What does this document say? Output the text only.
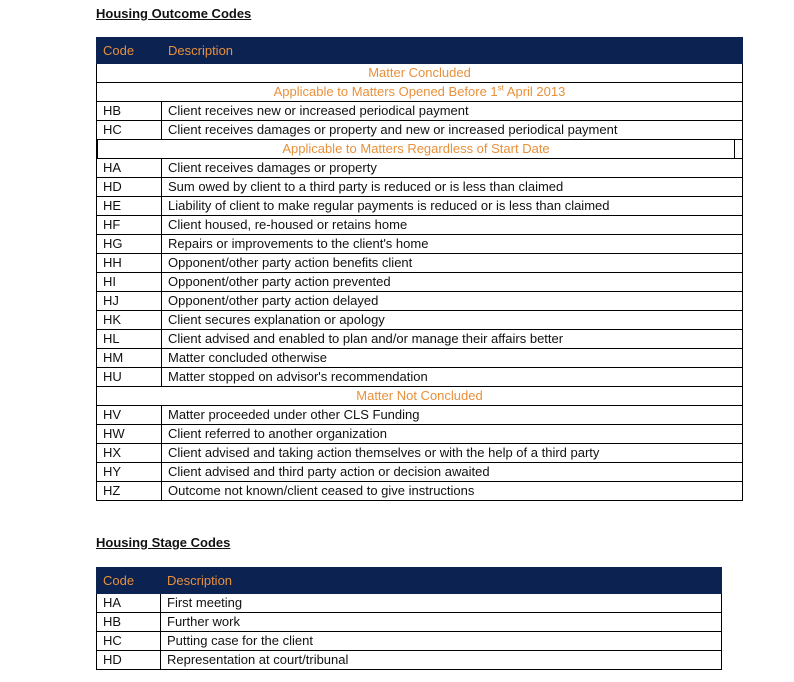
Housing Outcome Codes
Code	Description
Matter Concluded	
Applicable to Matters Opened Before 1st April 2013	
HB	Client receives new or increased periodical payment
HC	Client receives damages or property and new or increased periodical payment

Applicable to Matters Regardless of Start Date	

HA	Client receives damages or property
HD	Sum owed by client to a third party is reduced or is less than claimed
HE	Liability of client to make regular payments is reduced or is less than claimed
HF	Client housed, re-housed or retains home
HG	Repairs or improvements to the client's home
HH	Opponent/other party action benefits client
HI	Opponent/other party action prevented
HJ	Opponent/other party action delayed
HK	Client secures explanation or apology
HL	Client advised and enabled to plan and/or manage their affairs better
HM	Matter concluded otherwise
HU	Matter stopped on advisor's recommendation
Matter Not Concluded	
HV	Matter proceeded under other CLS Funding
HW	Client referred to another organization
HX	Client advised and taking action themselves or with the help of a third party
HY	Client advised and third party action or decision awaited
HZ	Outcome not known/client ceased to give instructions
Housing Stage Codes
Code	Description
HA	First meeting
HB	Further work
HC	Putting case for the client
HD	Representation at court/tribunal
